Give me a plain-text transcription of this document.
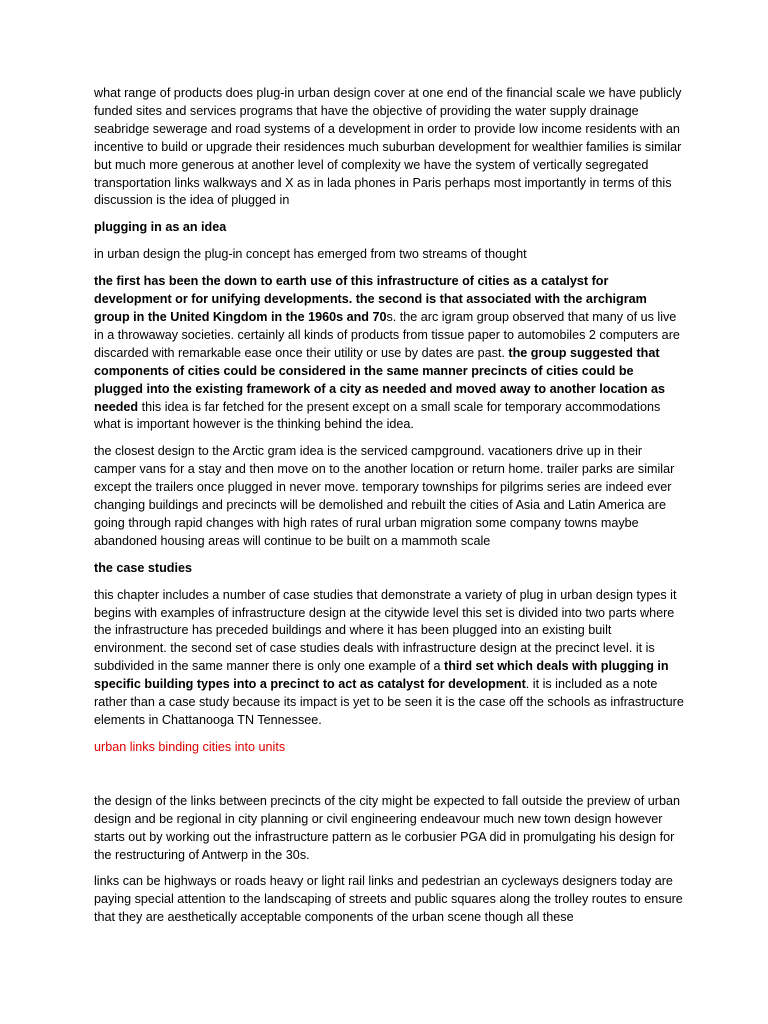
what range of products does plug-in urban design cover at one end of the financial scale we have publicly funded sites and services programs that have the objective of providing the water supply drainage seabridge sewerage and road systems of a development in order to provide low income residents with an incentive to build or upgrade their residences much suburban development for wealthier families is similar but much more generous at another level of complexity we have the system of vertically segregated transportation links walkways and X as in lada phones in Paris perhaps most importantly in terms of this discussion is the idea of plugged in

plugging in as an idea

in urban design the plug-in concept has emerged from two streams of thought

the first has been the down to earth use of this infrastructure of cities as a catalyst for development or for unifying developments. the second is that associated with the archigram group in the United Kingdom in the 1960s and 70s. the arc igram group observed that many of us live in a throwaway societies. certainly all kinds of products from tissue paper to automobiles 2 computers are discarded with remarkable ease once their utility or use by dates are past. the group suggested that components of cities could be considered in the same manner precincts of cities could be plugged into the existing framework of a city as needed and moved away to another location as needed this idea is far fetched for the present except on a small scale for temporary accommodations what is important however is the thinking behind the idea.

the closest design to the Arctic gram idea is the serviced campground. vacationers drive up in their camper vans for a stay and then move on to the another location or return home. trailer parks are similar except the trailers once plugged in never move. temporary townships for pilgrims series are indeed ever changing buildings and precincts will be demolished and rebuilt the cities of Asia and Latin America are going through rapid changes with high rates of rural urban migration some company towns maybe abandoned housing areas will continue to be built on a mammoth scale

the case studies

this chapter includes a number of case studies that demonstrate a variety of plug in urban design types it begins with examples of infrastructure design at the citywide level this set is divided into two parts where the infrastructure has preceded buildings and where it has been plugged into an existing built environment. the second set of case studies deals with infrastructure design at the precinct level. it is subdivided in the same manner there is only one example of a third set which deals with plugging in specific building types into a precinct to act as catalyst for development. it is included as a note rather than a case study because its impact is yet to be seen it is the case off the schools as infrastructure elements in Chattanooga TN Tennessee.

urban links binding cities into units

the design of the links between precincts of the city might be expected to fall outside the preview of urban design and be regional in city planning or civil engineering endeavour much new town design however starts out by working out the infrastructure pattern as le corbusier PGA did in promulgating his design for the restructuring of Antwerp in the 30s.

links can be highways or roads heavy or light rail links and pedestrian an cycleways designers today are paying special attention to the landscaping of streets and public squares along the trolley routes to ensure that they are aesthetically acceptable components of the urban scene though all these
